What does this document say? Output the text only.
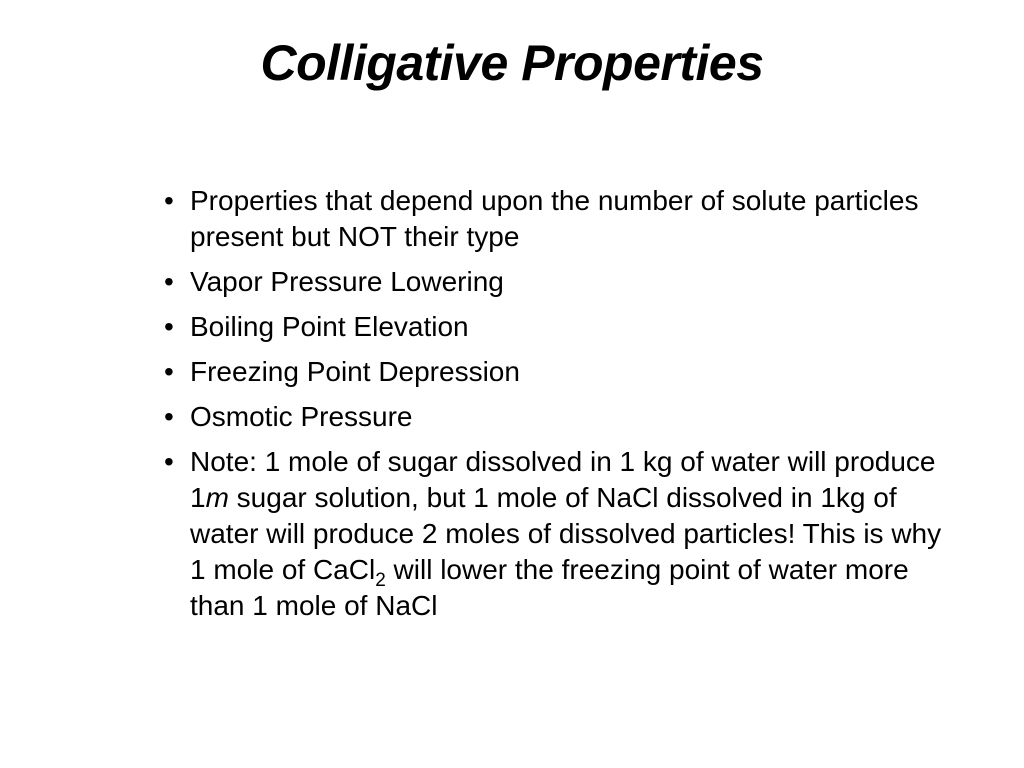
Colligative Properties
• Properties that depend upon the number of solute particles present but NOT their type
• Vapor Pressure Lowering
• Boiling Point Elevation
• Freezing Point Depression
• Osmotic Pressure
• Note: 1 mole of sugar dissolved in 1 kg of water will produce 1m sugar solution, but 1 mole of NaCl dissolved in 1kg of water will produce 2 moles of dissolved particles! This is why 1 mole of CaCl$_2$ will lower the freezing point of water more than 1 mole of NaCl
